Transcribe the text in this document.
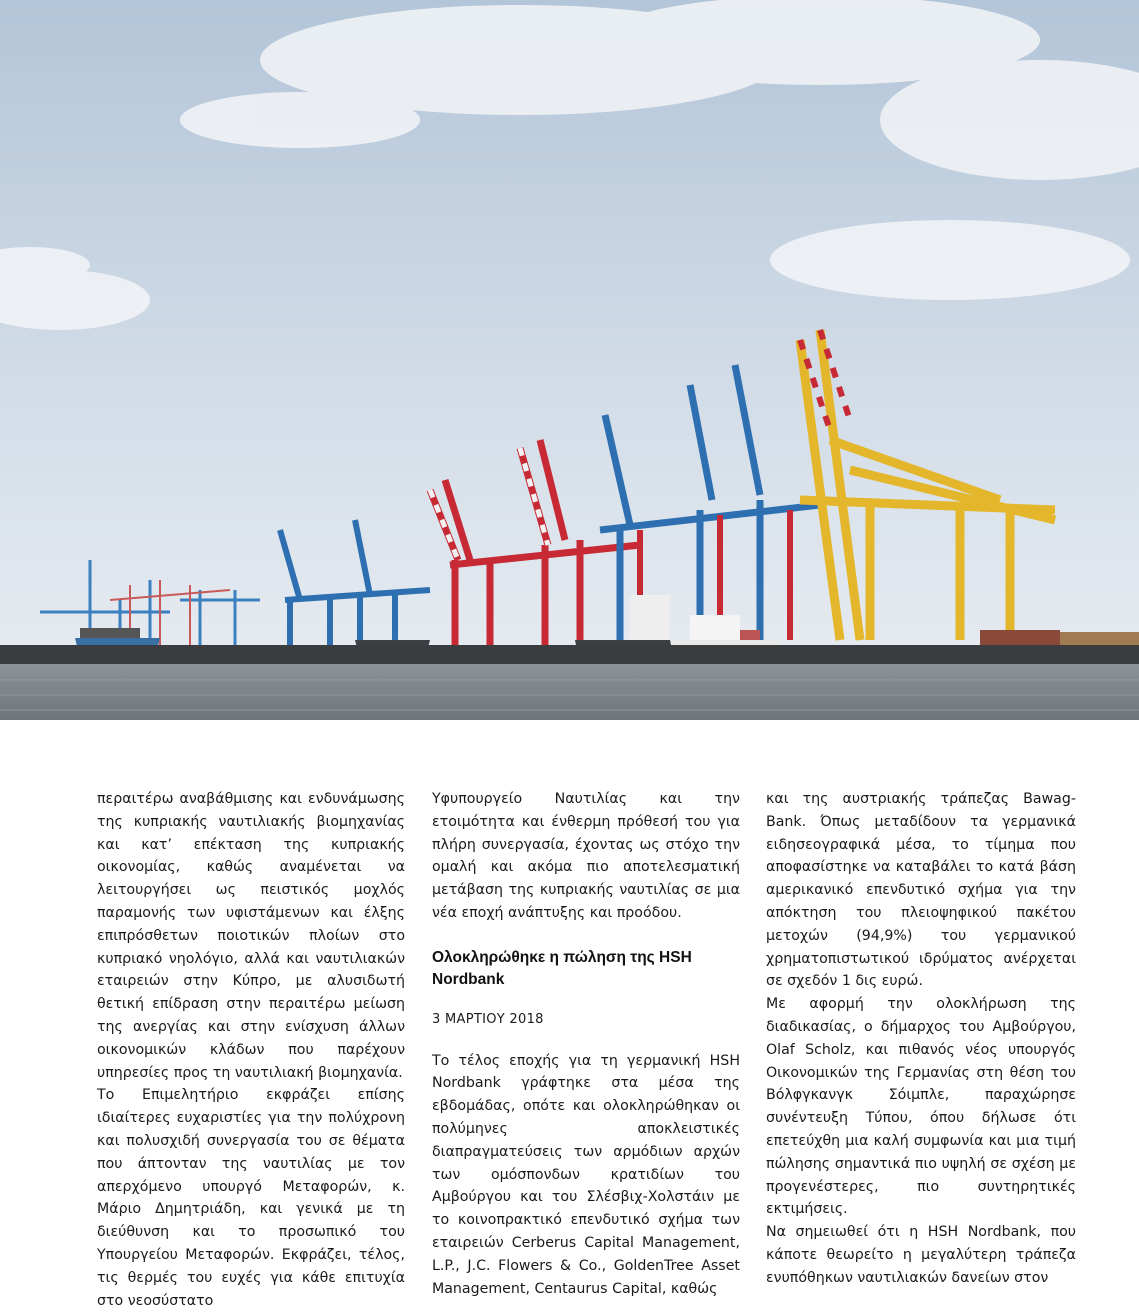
περαιτέρω αναβάθμισης και ενδυνάμωσης της κυπριακής ναυτιλιακής βιομηχανίας και κατ’ επέκταση της κυπριακής οικονομίας, καθώς αναμένεται να λειτουργήσει ως πειστικός μοχλός παραμονής των υφιστάμενων και έλξης επιπρόσθετων ποιοτικών πλοίων στο κυπριακό νηολόγιο, αλλά και ναυτιλιακών εταιρειών στην Κύπρο, με αλυσιδωτή θετική επίδραση στην περαιτέρω μείωση της ανεργίας και στην ενίσχυση άλλων οικονομικών κλάδων που παρέχουν υπηρεσίες προς τη ναυτιλιακή βιομηχανία.

Το Επιμελητήριο εκφράζει επίσης ιδιαίτερες ευχαριστίες για την πολύχρονη και πολυσχιδή συνεργασία του σε θέματα που άπτονταν της ναυτιλίας με τον απερχόμενο υπουργό Μεταφορών, κ. Μάριο Δημητριάδη, και γενικά με τη διεύθυνση και το προσωπικό του Υπουργείου Μεταφορών. Εκφράζει, τέλος, τις θερμές του ευχές για κάθε επιτυχία στο νεοσύστατο

Υφυπουργείο Ναυτιλίας και την ετοιμότητα και ένθερμη πρόθεσή του για πλήρη συνεργασία, έχοντας ως στόχο την ομαλή και ακόμα πιο αποτελεσματική μετάβαση της κυπριακής ναυτιλίας σε μια νέα εποχή ανάπτυξης και προόδου.

Ολοκληρώθηκε η πώληση της HSH Nordbank
3 ΜΑΡΤΙΟΥ 2018

Το τέλος εποχής για τη γερμανική HSH Nordbank γράφτηκε στα μέσα της εβδομάδας, οπότε και ολοκληρώθηκαν οι πολύμηνες αποκλειστικές διαπραγματεύσεις των αρμόδιων αρχών των ομόσπονδων κρατιδίων του Αμβούργου και του Σλέσβιχ-Χολστάιν με το κοινοπρακτικό επενδυτικό σχήμα των εταιρειών Cerberus Capital Management, L.P., J.C. Flowers & Co., GoldenTree Asset Management, Centaurus Capital, καθώς

και της αυστριακής τράπεζας Bawag-Bank. Όπως μεταδίδουν τα γερμανικά ειδησεογραφικά μέσα, το τίμημα που αποφασίστηκε να καταβάλει το κατά βάση αμερικανικό επενδυτικό σχήμα για την απόκτηση του πλειοψηφικού πακέτου μετοχών (94,9%) του γερμανικού χρηματοπιστωτικού ιδρύματος ανέρχεται σε σχεδόν 1 δις ευρώ.

Με αφορμή την ολοκλήρωση της διαδικασίας, ο δήμαρχος του Αμβούργου, Olaf Scholz, και πιθανός νέος υπουργός Οικονομικών της Γερμανίας στη θέση του Βόλφγκανγκ Σόιμπλε, παραχώρησε συνέντευξη Τύπου, όπου δήλωσε ότι επετεύχθη μια καλή συμφωνία και μια τιμή πώλησης σημαντικά πιο υψηλή σε σχέση με προγενέστερες, πιο συντηρητικές εκτιμήσεις.

Να σημειωθεί ότι η HSH Nordbank, που κάποτε θεωρείτο η μεγαλύτερη τράπεζα ενυπόθηκων ναυτιλιακών δανείων στον
